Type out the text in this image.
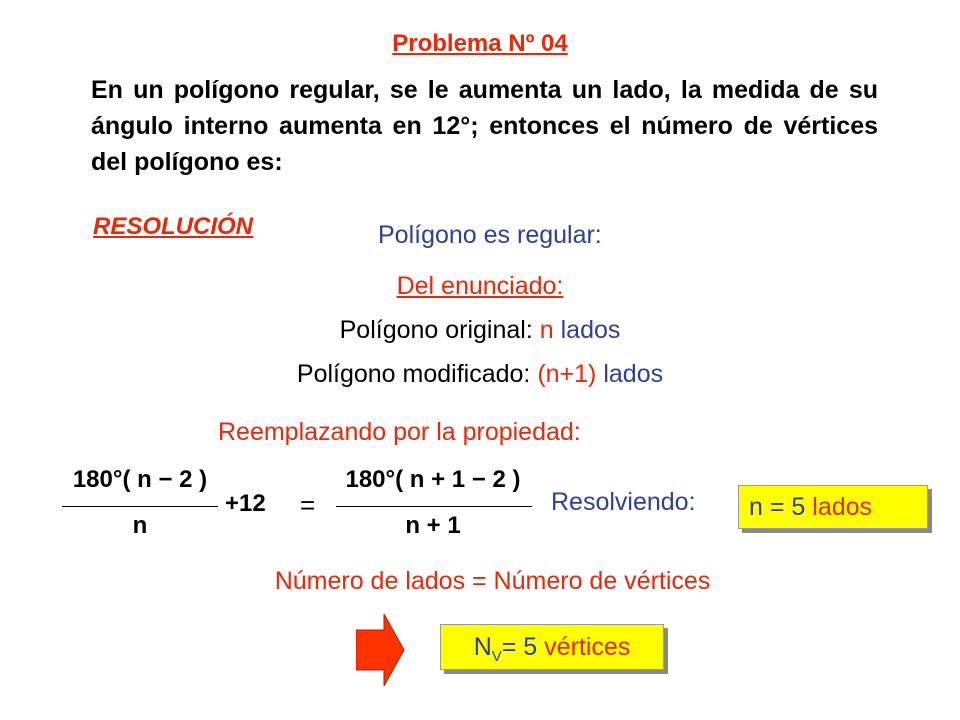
Problema Nº 04
En un polígono regular, se le aumenta un lado, la medida de su ángulo interno aumenta en 12°; entonces el número de vértices del polígono es:
RESOLUCIÓN	Polígono es regular:
Del enunciado:
Polígono original: n lados
Polígono modificado: (n+1) lados
Reemplazando por la propiedad:
180°( n − 2 )
n
+12 =
180°( n + 1 − 2 )
n + 1
Resolviendo:	n = 5 lados
Número de lados = Número de vértices
$N_V= 5$ vértices
